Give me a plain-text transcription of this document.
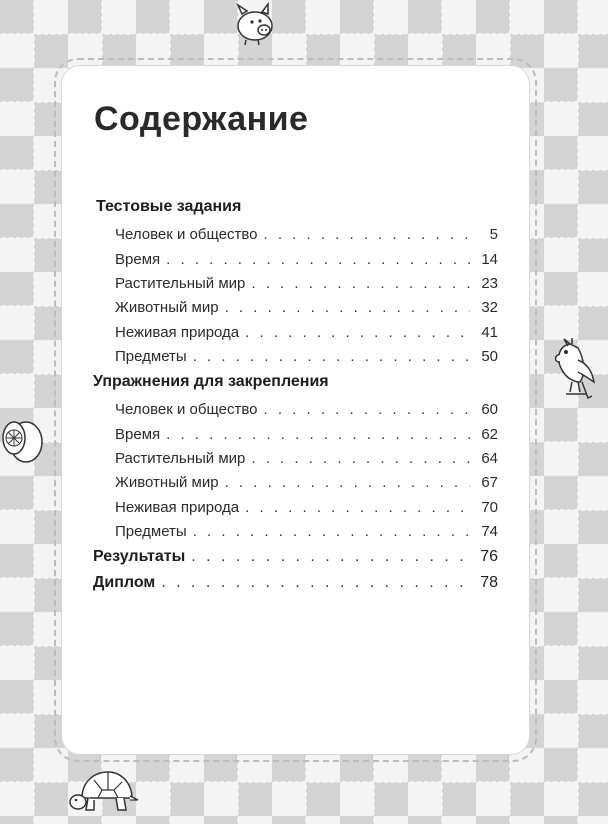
Содержание
Тестовые задания
Человек и общество . . .	5
Время . . .	14
Растительный мир . . .	23
Животный мир . . .	32
Неживая природа . . .	41
Предметы . . .	50
Упражнения для закрепления
Человек и общество . . .	60
Время . . .	62
Растительный мир . . .	64
Животный мир . . .	67
Неживая природа . . .	70
Предметы . . .	74
Результаты . . .	76
Диплом . . .	78
